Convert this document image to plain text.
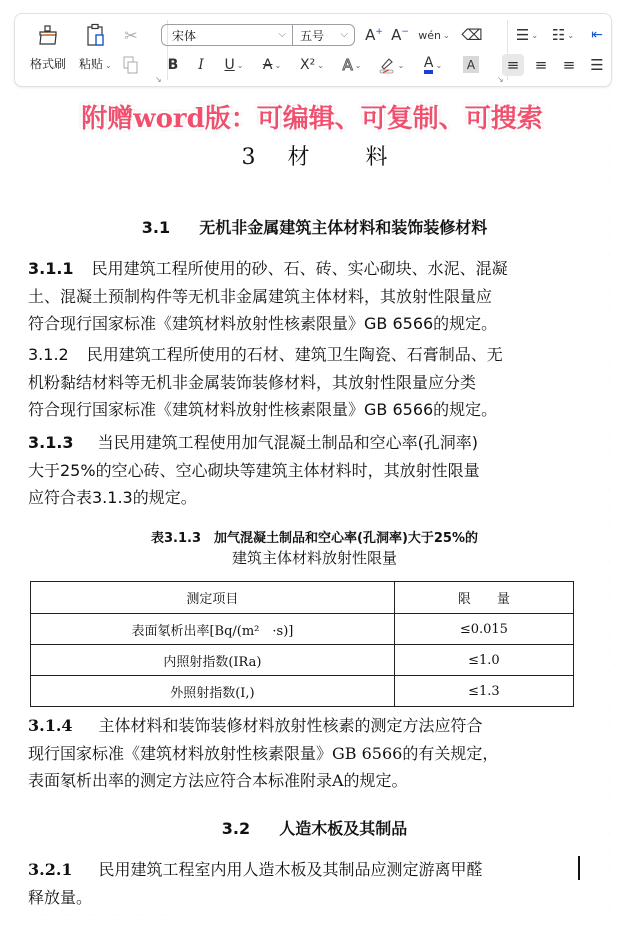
格式刷 粘贴 ⌄
✂
↘
宋体	⌵ 五号 ⌵ A+ A− wén ⌄ ⌫
B I U ⌄ A ⌄ X² ⌄ A ⌄	⌄ A ⌄ A
↘
☰ ⌄ ☷ ⌄ ⇤
≡ ≡ ≡ ☰
附赠word版：可编辑、可复制、可搜索
3 材	料
3.1 无机非金属建筑主体材料和装饰装修材料
3.1.1 民用建筑工程所使用的砂、石、砖、实心砌块、水泥、混凝
土、混凝土预制构件等无机非金属建筑主体材料，其放射性限量应
符合现行国家标准《建筑材料放射性核素限量》GB 6566的规定。
3.1.2 民用建筑工程所使用的石材、建筑卫生陶瓷、石膏制品、无
机粉黏结材料等无机非金属装饰装修材料，其放射性限量应分类
符合现行国家标准《建筑材料放射性核素限量》GB 6566的规定。
3.1.3 当民用建筑工程使用加气混凝土制品和空心率(孔洞率)
大于25%的空心砖、空心砌块等建筑主体材料时，其放射性限量
应符合表3.1.3的规定。
表3.1.3　加气混凝土制品和空心率(孔洞率)大于25%的
建筑主体材料放射性限量
测定项目	限　　量
表面氡析出率[Bq/(m²　·s)]	≤0.015
内照射指数(IRa)	≤1.0
外照射指数(I,)	≤1.3
3.1.4 主体材料和装饰装修材料放射性核素的测定方法应符合
现行国家标准《建筑材料放射性核素限量》GB 6566的有关规定，
表面氡析出率的测定方法应符合本标准附录A的规定。
3.2 人造木板及其制品
3.2.1 民用建筑工程室内用人造木板及其制品应测定游离甲醛
释放量。
